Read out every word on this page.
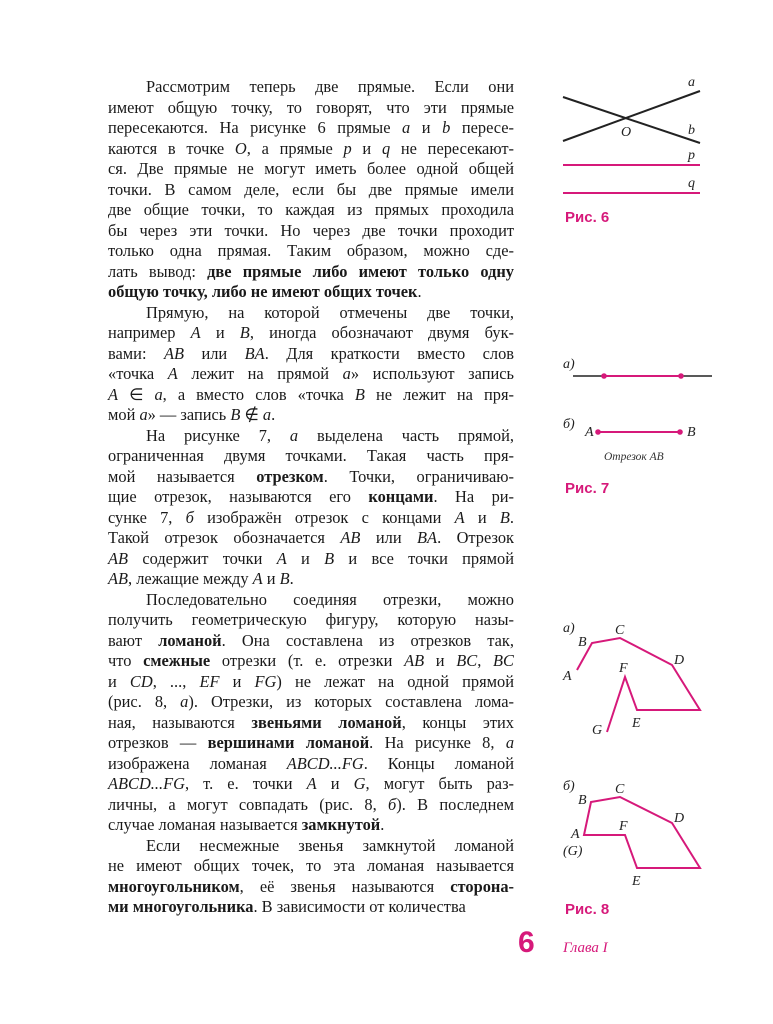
Рассмотрим теперь две прямые. Если они
имеют общую точку, то говорят, что эти прямые
пересекаются. На рисунке 6 прямые a и b пересе-
каются в точке O, а прямые p и q не пересекают-
ся. Две прямые не могут иметь более одной общей
точки. В самом деле, если бы две прямые имели
две общие точки, то каждая из прямых проходила
бы через эти точки. Но через две точки проходит
только одна прямая. Таким образом, можно сде-
лать вывод: две прямые либо имеют только одну
общую точку, либо не имеют общих точек.
Прямую, на которой отмечены две точки,
например A и B, иногда обозначают двумя бук-
вами: AB или BA. Для краткости вместо слов
«точка A лежит на прямой a» используют запись
A ∈ a, а вместо слов «точка B не лежит на пря-
мой a» — запись B ∉ a.
На рисунке 7, а выделена часть прямой,
ограниченная двумя точками. Такая часть пря-
мой называется отрезком. Точки, ограничиваю-
щие отрезок, называются его концами. На ри-
сунке 7, б изображён отрезок с концами A и B.
Такой отрезок обозначается AB или BA. Отрезок
AB содержит точки A и B и все точки прямой
AB, лежащие между A и B.
Последовательно соединяя отрезки, можно
получить геометрическую фигуру, которую назы-
вают ломаной. Она составлена из отрезков так,
что смежные отрезки (т. е. отрезки AB и BC, BC
и CD, ..., EF и FG) не лежат на одной прямой
(рис. 8, а). Отрезки, из которых составлена лома-
ная, называются звеньями ломаной, концы этих
отрезков — вершинами ломаной. На рисунке 8, а
изображена ломаная ABCD...FG. Концы ломаной
ABCD...FG, т. е. точки A и G, могут быть раз-
личны, а могут совпадать (рис. 8, б). В последнем
случае ломаная называется замкнутой.
Если несмежные звенья замкнутой ломаной
не имеют общих точек, то эта ломаная называется
многоугольником, её звенья называются сторона-
ми многоугольника. В зависимости от количества
a
O	b
p
q
Рис. 6
а)
б)
A	B
Отрезок AB
Рис. 7
а)
B
C
D
A
F
E
G
б)
B
C
D
A
(G)
F
E
Рис. 8
6 Глава I
